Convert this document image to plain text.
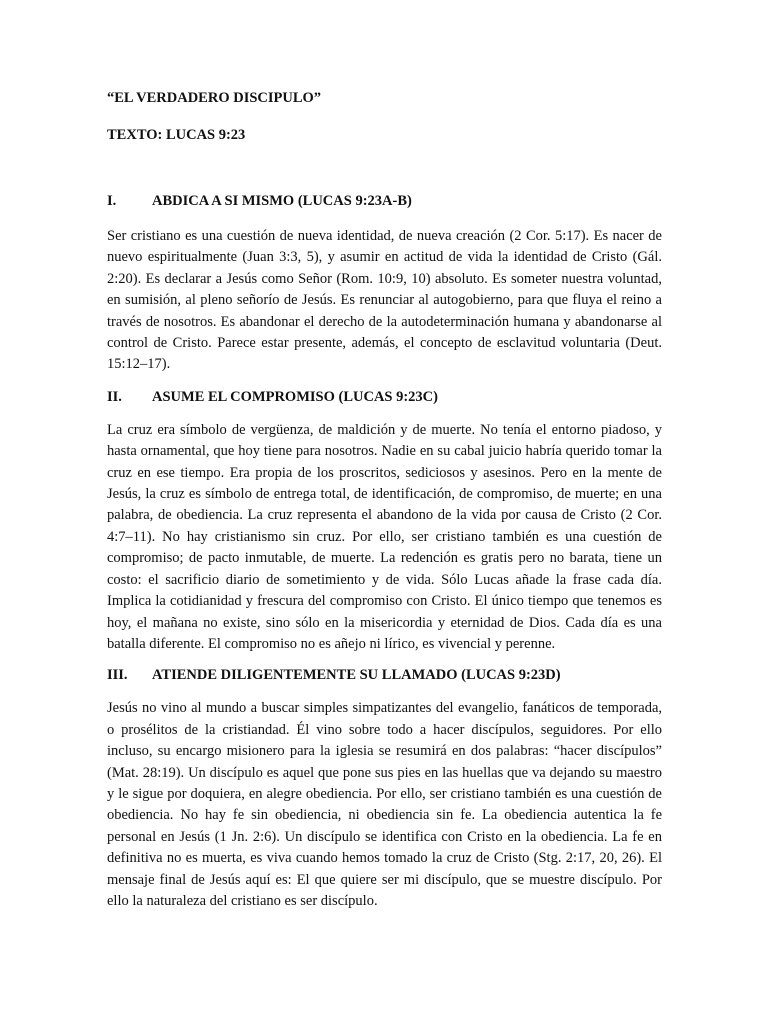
“EL VERDADERO DISCIPULO”

TEXTO: LUCAS 9:23

I.	ABDICA A SI MISMO (LUCAS 9:23A-B)

Ser cristiano es una cuestión de nueva identidad, de nueva creación (2 Cor. 5:17). Es nacer de nuevo espiritualmente (Juan 3:3, 5), y asumir en actitud de vida la identidad de Cristo (Gál. 2:20). Es declarar a Jesús como Señor (Rom. 10:9, 10) absoluto. Es someter nuestra voluntad, en sumisión, al pleno señorío de Jesús. Es renunciar al autogobierno, para que fluya el reino a través de nosotros. Es abandonar el derecho de la autodeterminación humana y abandonarse al control de Cristo. Parece estar presente, además, el concepto de esclavitud voluntaria (Deut. 15:12–17).

II.	ASUME EL COMPROMISO (LUCAS 9:23C)

La cruz era símbolo de vergüenza, de maldición y de muerte. No tenía el entorno piadoso, y hasta ornamental, que hoy tiene para nosotros. Nadie en su cabal juicio habría querido tomar la cruz en ese tiempo. Era propia de los proscritos, sediciosos y asesinos. Pero en la mente de Jesús, la cruz es símbolo de entrega total, de identificación, de compromiso, de muerte; en una palabra, de obediencia. La cruz representa el abandono de la vida por causa de Cristo (2 Cor. 4:7–11). No hay cristianismo sin cruz. Por ello, ser cristiano también es una cuestión de compromiso; de pacto inmutable, de muerte. La redención es gratis pero no barata, tiene un costo: el sacrificio diario de sometimiento y de vida. Sólo Lucas añade la frase cada día. Implica la cotidianidad y frescura del compromiso con Cristo. El único tiempo que tenemos es hoy, el mañana no existe, sino sólo en la misericordia y eternidad de Dios. Cada día es una batalla diferente. El compromiso no es añejo ni lírico, es vivencial y perenne.

III.	ATIENDE DILIGENTEMENTE SU LLAMADO (LUCAS 9:23D)

Jesús no vino al mundo a buscar simples simpatizantes del evangelio, fanáticos de temporada, o prosélitos de la cristiandad. Él vino sobre todo a hacer discípulos, seguidores. Por ello incluso, su encargo misionero para la iglesia se resumirá en dos palabras: “hacer discípulos” (Mat. 28:19). Un discípulo es aquel que pone sus pies en las huellas que va dejando su maestro y le sigue por doquiera, en alegre obediencia. Por ello, ser cristiano también es una cuestión de obediencia. No hay fe sin obediencia, ni obediencia sin fe. La obediencia autentica la fe personal en Jesús (1 Jn. 2:6). Un discípulo se identifica con Cristo en la obediencia. La fe en definitiva no es muerta, es viva cuando hemos tomado la cruz de Cristo (Stg. 2:17, 20, 26). El mensaje final de Jesús aquí es: El que quiere ser mi discípulo, que se muestre discípulo. Por ello la naturaleza del cristiano es ser discípulo.
